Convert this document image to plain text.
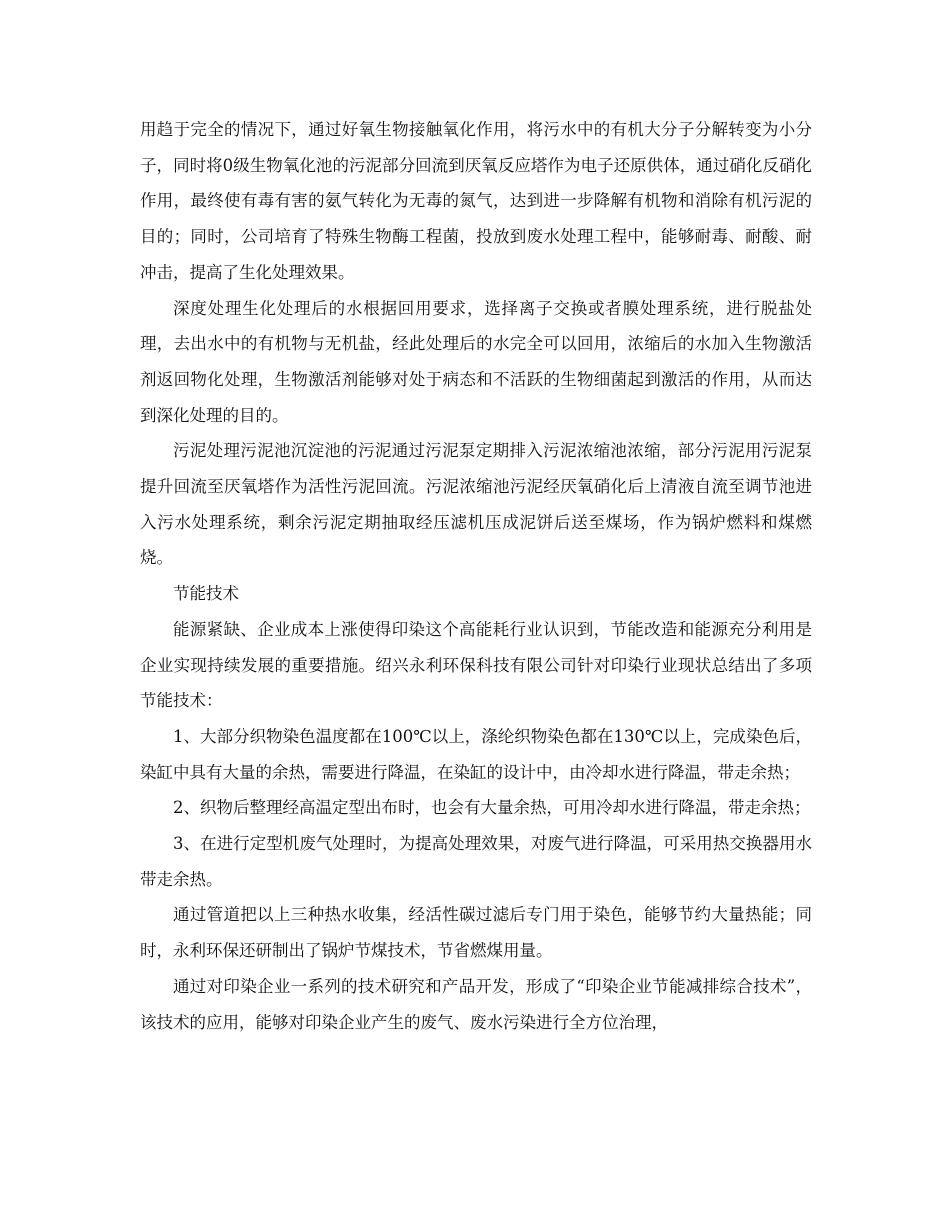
用趋于完全的情况下，通过好氧生物接触氧化作用，将污水中的有机大分子分解转变为小分子，同时将0级生物氧化池的污泥部分回流到厌氧反应塔作为电子还原供体，通过硝化反硝化作用，最终使有毒有害的氨气转化为无毒的氮气，达到进一步降解有机物和消除有机污泥的目的；同时，公司培育了特殊生物酶工程菌，投放到废水处理工程中，能够耐毒、耐酸、耐冲击，提高了生化处理效果。

深度处理生化处理后的水根据回用要求，选择离子交换或者膜处理系统，进行脱盐处理，去出水中的有机物与无机盐，经此处理后的水完全可以回用，浓缩后的水加入生物激活剂返回物化处理，生物激活剂能够对处于病态和不活跃的生物细菌起到激活的作用，从而达到深化处理的目的。

污泥处理污泥池沉淀池的污泥通过污泥泵定期排入污泥浓缩池浓缩，部分污泥用污泥泵提升回流至厌氧塔作为活性污泥回流。污泥浓缩池污泥经厌氧硝化后上清液自流至调节池进入污水处理系统，剩余污泥定期抽取经压滤机压成泥饼后送至煤场，作为锅炉燃料和煤燃烧。

节能技术

能源紧缺、企业成本上涨使得印染这个高能耗行业认识到，节能改造和能源充分利用是企业实现持续发展的重要措施。绍兴永利环保科技有限公司针对印染行业现状总结出了多项节能技术：

1、大部分织物染色温度都在100℃以上，涤纶织物染色都在130℃以上，完成染色后，染缸中具有大量的余热，需要进行降温，在染缸的设计中，由冷却水进行降温，带走余热；

2、织物后整理经高温定型出布时，也会有大量余热，可用冷却水进行降温，带走余热；

3、在进行定型机废气处理时，为提高处理效果，对废气进行降温，可采用热交换器用水带走余热。

通过管道把以上三种热水收集，经活性碳过滤后专门用于染色，能够节约大量热能；同时，永利环保还研制出了锅炉节煤技术，节省燃煤用量。

通过对印染企业一系列的技术研究和产品开发，形成了“印染企业节能减排综合技术”，该技术的应用，能够对印染企业产生的废气、废水污染进行全方位治理，
